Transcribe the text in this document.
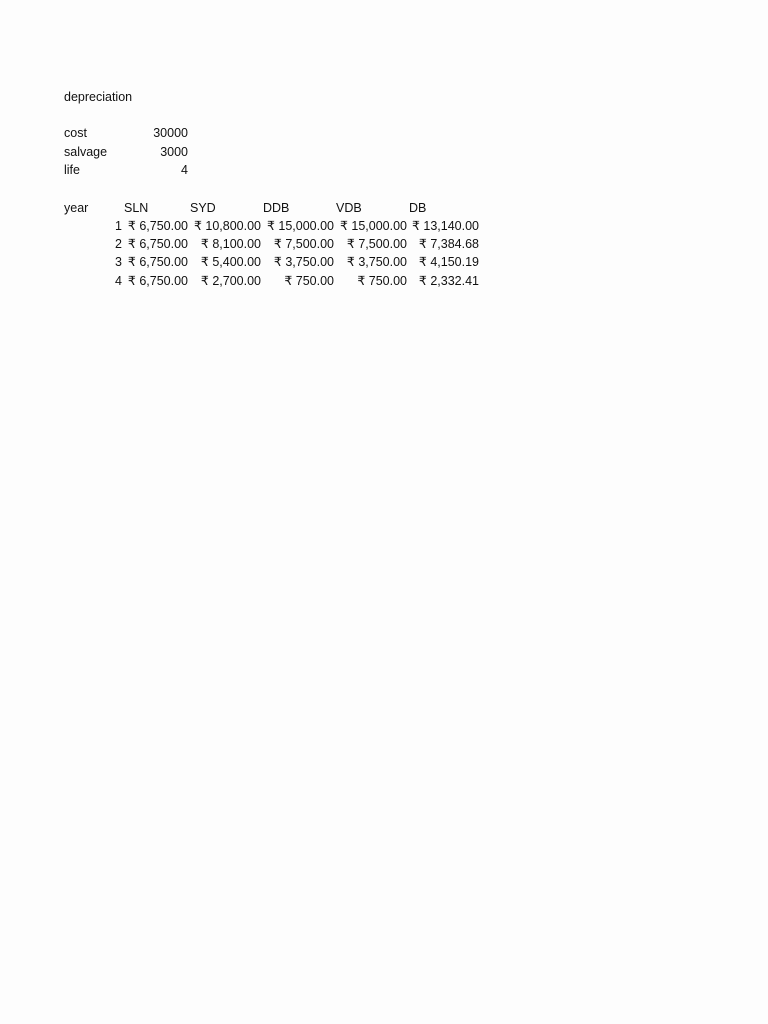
depreciation
cost	30000
salvage	3000
life	4
year	SLN	SYD	DDB	VDB	DB
1 ₹ 6,750.00 ₹ 10,800.00 ₹ 15,000.00 ₹ 15,000.00 ₹ 13,140.00
2 ₹ 6,750.00	₹ 8,100.00	₹ 7,500.00	₹ 7,500.00 ₹ 7,384.68
3 ₹ 6,750.00	₹ 5,400.00	₹ 3,750.00	₹ 3,750.00 ₹ 4,150.19
4 ₹ 6,750.00	₹ 2,700.00	₹ 750.00	₹ 750.00 ₹ 2,332.41
